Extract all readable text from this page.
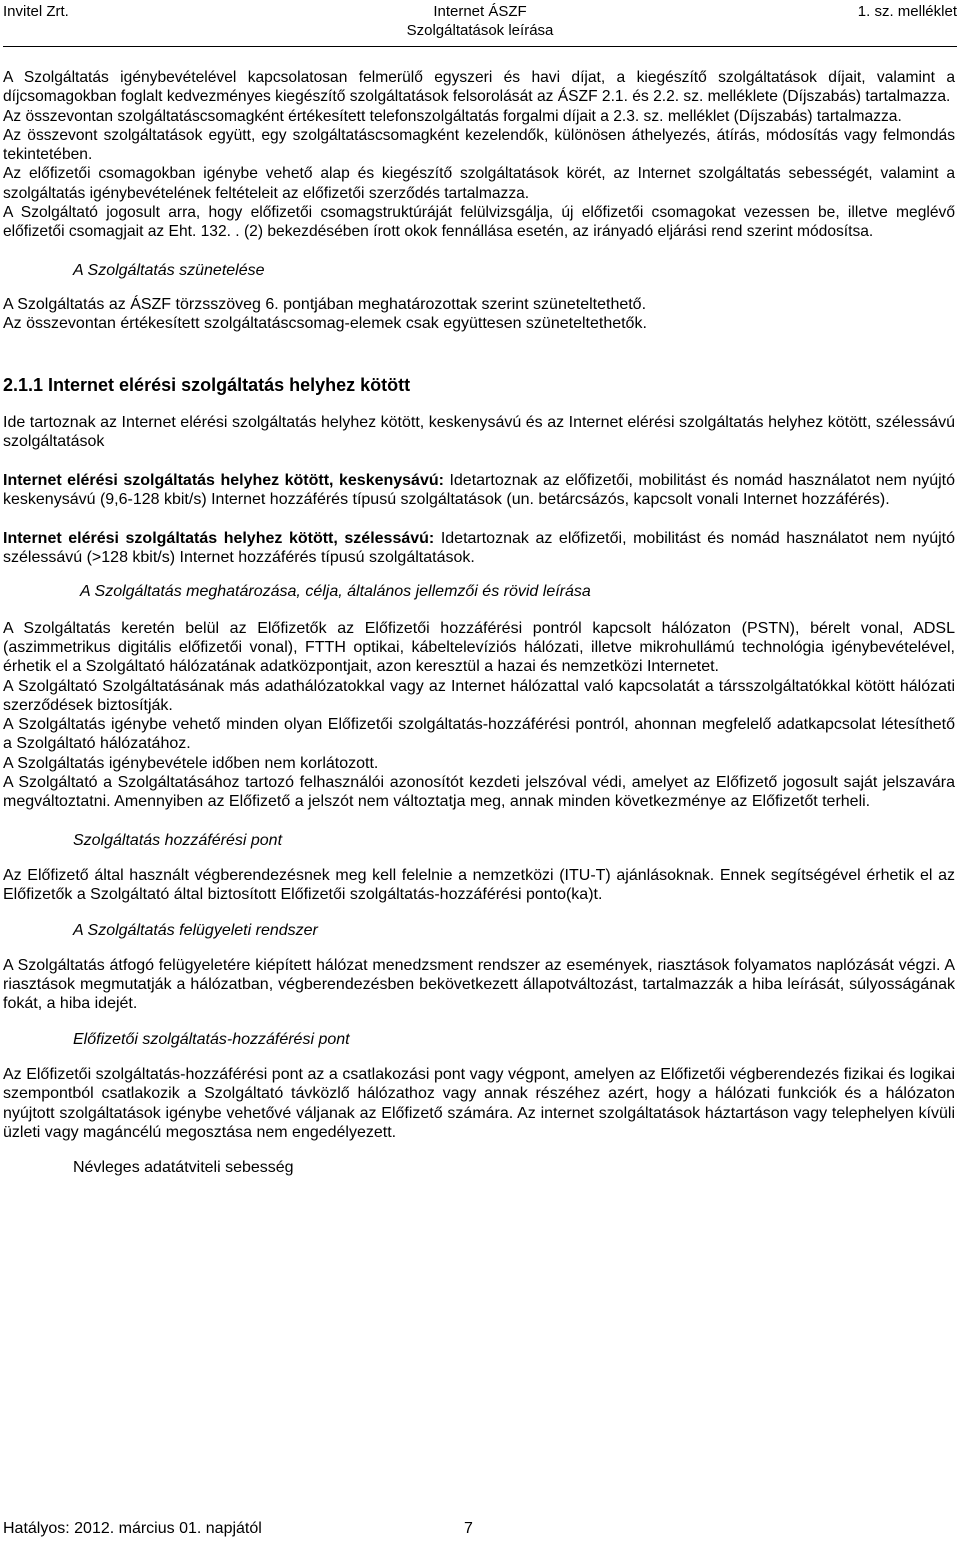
Invitel Zrt.	Internet ÁSZF
Szolgáltatások leírása
1. sz. melléklet

A Szolgáltatás igénybevételével kapcsolatosan felmerülő egyszeri és havi díjat, a kiegészítő szolgáltatások díjait, valamint a díjcsomagokban foglalt kedvezményes kiegészítő szolgáltatások felsorolását az ÁSZF 2.1. és 2.2. sz. melléklete (Díjszabás) tartalmazza.

Az összevontan szolgáltatáscsomagként értékesített telefonszolgáltatás forgalmi díjait a 2.3. sz. melléklet (Díjszabás) tartalmazza.

Az összevont szolgáltatások együtt, egy szolgáltatáscsomagként kezelendők, különösen áthelyezés, átírás, módosítás vagy felmondás tekintetében.

Az előfizetői csomagokban igénybe vehető alap és kiegészítő szolgáltatások körét, az Internet szolgáltatás sebességét, valamint a szolgáltatás igénybevételének feltételeit az előfizetői szerződés tartalmazza.

A Szolgáltató jogosult arra, hogy előfizetői csomagstruktúráját felülvizsgálja, új előfizetői csomagokat vezessen be, illetve meglévő előfizetői csomagjait az Eht. 132. . (2) bekezdésében írott okok fennállása esetén, az irányadó eljárási rend szerint módosítsa.

A Szolgáltatás szünetelése

A Szolgáltatás az ÁSZF törzsszöveg 6. pontjában meghatározottak szerint szüneteltethető.

Az összevontan értékesített szolgáltatáscsomag-elemek csak együttesen szüneteltethetők.

2.1.1 Internet elérési szolgáltatás helyhez kötött

Ide tartoznak az Internet elérési szolgáltatás helyhez kötött, keskenysávú és az Internet elérési szolgáltatás helyhez kötött, szélessávú szolgáltatások

Internet elérési szolgáltatás helyhez kötött, keskenysávú: Idetartoznak az előfizetői, mobilitást és nomád használatot nem nyújtó keskenysávú (9,6-128 kbit/s) Internet hozzáférés típusú szolgáltatások (un. betárcsázós, kapcsolt vonali Internet hozzáférés).

Internet elérési szolgáltatás helyhez kötött, szélessávú: Idetartoznak az előfizetői, mobilitást és nomád használatot nem nyújtó szélessávú (>128 kbit/s) Internet hozzáférés típusú szolgáltatások.

A Szolgáltatás meghatározása, célja, általános jellemzői és rövid leírása

A Szolgáltatás keretén belül az Előfizetők az Előfizetői hozzáférési pontról kapcsolt hálózaton (PSTN), bérelt vonal, ADSL (aszimmetrikus digitális előfizetői vonal), FTTH optikai, kábeltelevíziós hálózati, illetve mikrohullámú technológia igénybevételével, érhetik el a Szolgáltató hálózatának adatközpontjait, azon keresztül a hazai és nemzetközi Internetet.

A Szolgáltató Szolgáltatásának más adathálózatokkal vagy az Internet hálózattal való kapcsolatát a társszolgáltatókkal kötött hálózati szerződések biztosítják.

A Szolgáltatás igénybe vehető minden olyan Előfizetői szolgáltatás-hozzáférési pontról, ahonnan megfelelő adatkapcsolat létesíthető a Szolgáltató hálózatához.

A Szolgáltatás igénybevétele időben nem korlátozott.

A Szolgáltató a Szolgáltatásához tartozó felhasználói azonosítót kezdeti jelszóval védi, amelyet az Előfizető jogosult saját jelszavára megváltoztatni. Amennyiben az Előfizető a jelszót nem változtatja meg, annak minden következménye az Előfizetőt terheli.

Szolgáltatás hozzáférési pont

Az Előfizető által használt végberendezésnek meg kell felelnie a nemzetközi (ITU-T) ajánlásoknak. Ennek segítségével érhetik el az Előfizetők a Szolgáltató által biztosított Előfizetői szolgáltatás-hozzáférési ponto(ka)t.

A Szolgáltatás felügyeleti rendszer

A Szolgáltatás átfogó felügyeletére kiépített hálózat menedzsment rendszer az események, riasztások folyamatos naplózását végzi. A riasztások megmutatják a hálózatban, végberendezésben bekövetkezett állapotváltozást, tartalmazzák a hiba leírását, súlyosságának fokát, a hiba idejét.

Előfizetői szolgáltatás-hozzáférési pont

Az Előfizetői szolgáltatás-hozzáférési pont az a csatlakozási pont vagy végpont, amelyen az Előfizetői végberendezés fizikai és logikai szempontból csatlakozik a Szolgáltató távközlő hálózathoz vagy annak részéhez azért, hogy a hálózati funkciók és a hálózaton nyújtott szolgáltatások igénybe vehetővé váljanak az Előfizető számára. Az internet szolgáltatások háztartáson vagy telephelyen kívüli üzleti vagy magáncélú megosztása nem engedélyezett.

Névleges adatátviteli sebesség

Hatályos: 2012. március 01. napjától	7
